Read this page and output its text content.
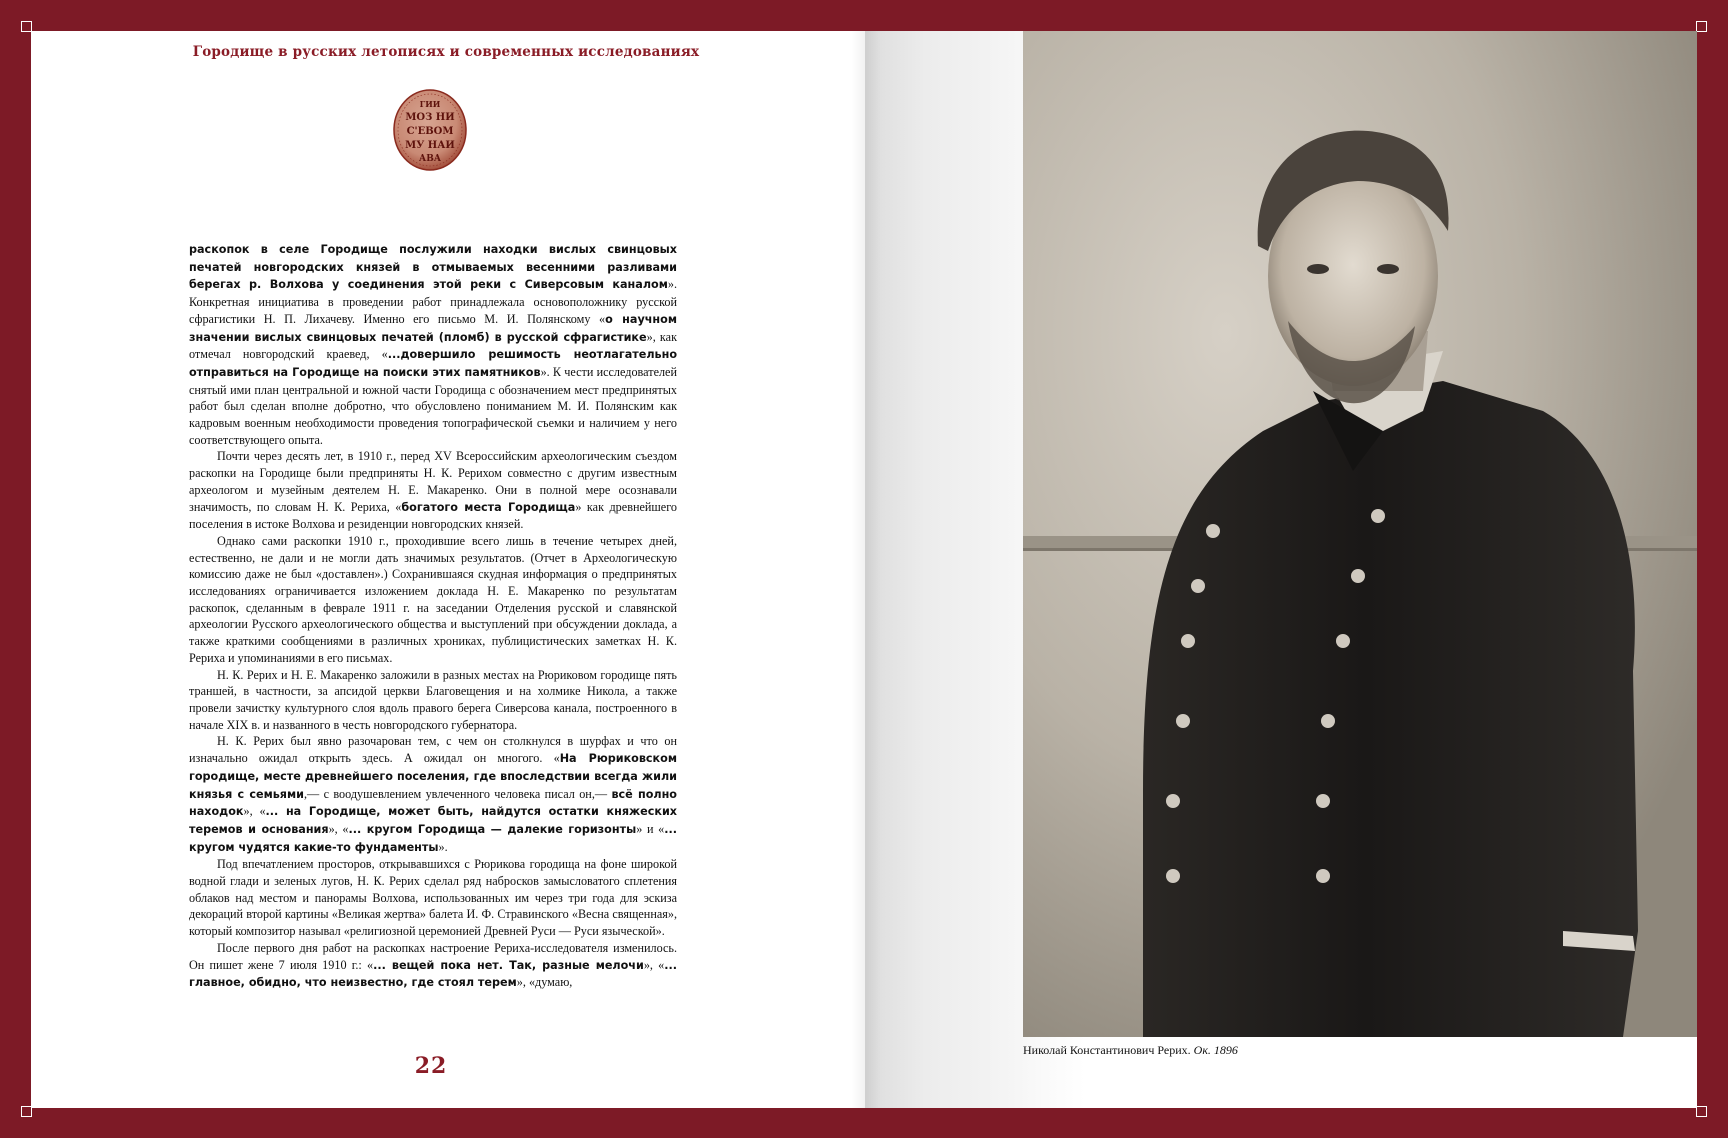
Городище в русских летописях и современных исследованиях
ГИИ
МОЗ НИ
С'ЕВОМ
МУ НАИ
АВА

раскопок в селе Городище послужили находки вислых свинцовых печатей новгородских князей в отмываемых весенними разливами берегах р. Волхова у соединения этой реки с Сиверсовым каналом». Конкретная инициатива в проведении работ принадлежала основоположнику русской сфрагистики Н. П. Лихачеву. Именно его письмо М. И. Полянскому «о научном значении вислых свинцовых печатей (пломб) в русской сфрагистике», как отмечал новгородский краевед, «...довершило решимость неотлагательно отправиться на Городище на поиски этих памятников». К чести исследователей снятый ими план центральной и южной части Городища с обозначением мест предпринятых работ был сделан вполне добротно, что обусловлено пониманием М. И. Полянским как кадровым военным необходимости проведения топографической съемки и наличием у него соответствующего опыта.

Почти через десять лет, в 1910 г., перед XV Всероссийским археологическим съездом раскопки на Городище были предприняты Н. К. Рерихом совместно с другим известным археологом и музейным деятелем Н. Е. Макаренко. Они в полной мере осознавали значимость, по словам Н. К. Рериха, «богатого места Городища» как древнейшего поселения в истоке Волхова и резиденции новгородских князей.

Однако сами раскопки 1910 г., проходившие всего лишь в течение четырех дней, естественно, не дали и не могли дать значимых результатов. (Отчет в Археологическую комиссию даже не был «доставлен».) Сохранившаяся скудная информация о предпринятых исследованиях ограничивается изложением доклада Н. Е. Макаренко по результатам раскопок, сделанным в феврале 1911 г. на заседании Отделения русской и славянской археологии Русского археологического общества и выступлений при обсуждении доклада, а также краткими сообщениями в различных хрониках, публицистических заметках Н. К. Рериха и упоминаниями в его письмах.

Н. К. Рерих и Н. Е. Макаренко заложили в разных местах на Рюриковом городище пять траншей, в частности, за апсидой церкви Благовещения и на холмике Никола, а также провели зачистку культурного слоя вдоль правого берега Сиверсова канала, построенного в начале XIX в. и названного в честь новгородского губернатора.

Н. К. Рерих был явно разочарован тем, с чем он столкнулся в шурфах и что он изначально ожидал открыть здесь. А ожидал он многого. «На Рюриковском городище, месте древнейшего поселения, где впоследствии всегда жили князья с семьями,— с воодушевлением увлеченного человека писал он,— всё полно находок», «... на Городище, может быть, найдутся остатки княжеских теремов и основания», «... кругом Городища — далекие горизонты» и «... кругом чудятся какие-то фундаменты».

Под впечатлением просторов, открывавшихся с Рюрикова городища на фоне широкой водной глади и зеленых лугов, Н. К. Рерих сделал ряд набросков замысловатого сплетения облаков над местом и панорамы Волхова, использованных им через три года для эскиза декораций второй картины «Великая жертва» балета И. Ф. Стравинского «Весна священная», который композитор называл «религиозной церемонией Древней Руси — Руси языческой».

После первого дня работ на раскопках настроение Рериха-исследователя изменилось. Он пишет жене 7 июля 1910 г.: «... вещей пока нет. Так, разные мелочи», «... главное, обидно, что неизвестно, где стоял терем», «думаю,

22
Николай Константинович Рерих. Ок. 1896
